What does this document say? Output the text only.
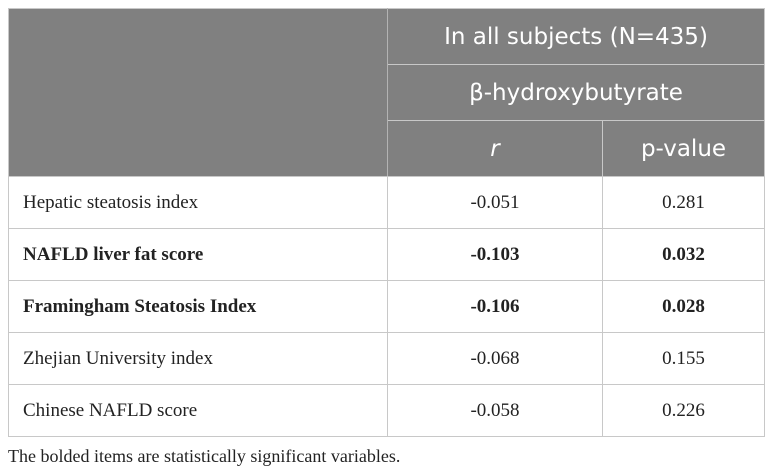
	In all subjects (N=435)	
	β-hydroxybutyrate	
	r	p-value
Hepatic steatosis index	-0.051	0.281
NAFLD liver fat score	-0.103	0.032
Framingham Steatosis Index	-0.106	0.028
Zhejian University index	-0.068	0.155
Chinese NAFLD score	-0.058	0.226
The bolded items are statistically significant variables.
